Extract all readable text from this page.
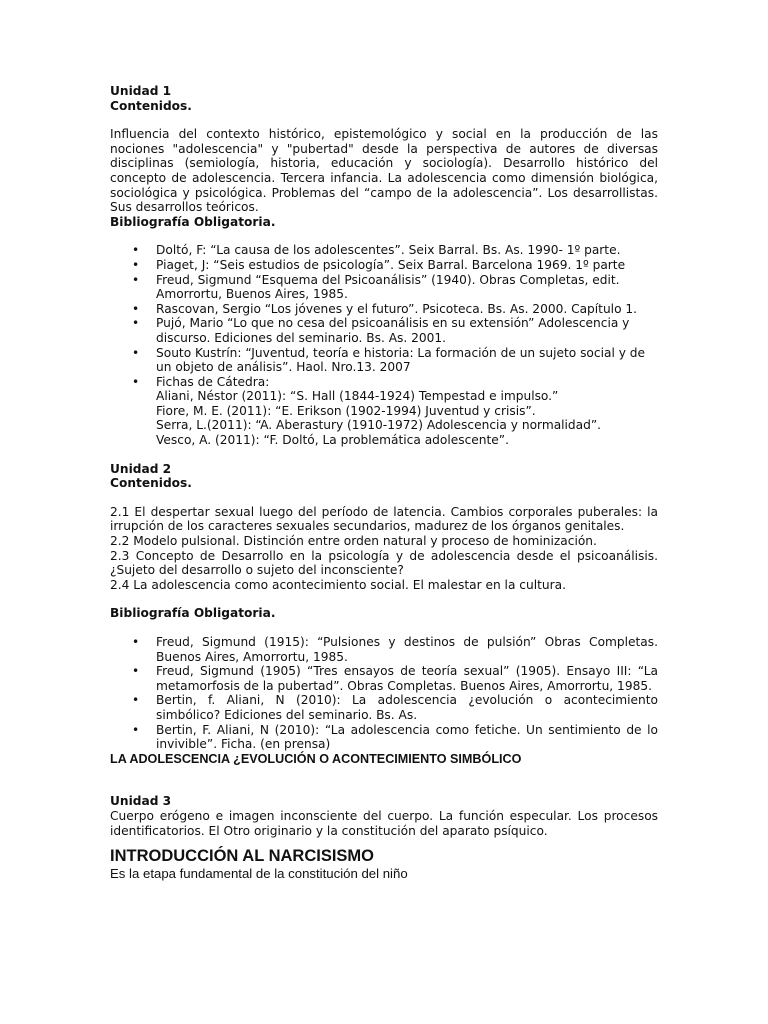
Unidad 1

Contenidos.

Influencia del contexto histórico, epistemológico y social en la producción de las nociones "adolescencia" y "pubertad" desde la perspectiva de autores de diversas disciplinas (semiología, historia, educación y sociología). Desarrollo histórico del concepto de adolescencia. Tercera infancia. La adolescencia como dimensión biológica, sociológica y psicológica. Problemas del “campo de la adolescencia”. Los desarrollistas. Sus desarrollos teóricos.

Bibliografía Obligatoria.

• Doltó, F: “La causa de los adolescentes”. Seix Barral. Bs. As. 1990- 1º parte.
• Piaget, J: “Seis estudios de psicología”. Seix Barral. Barcelona 1969. 1º parte
• Freud, Sigmund “Esquema del Psicoanálisis” (1940). Obras Completas, edit. Amorrortu, Buenos Aires, 1985.
• Rascovan, Sergio “Los jóvenes y el futuro”. Psicoteca. Bs. As. 2000. Capítulo 1.
• Pujó, Mario “Lo que no cesa del psicoanálisis en su extensión” Adolescencia y discurso. Ediciones del seminario. Bs. As. 2001.
• Souto Kustrín: “Juventud, teoría e historia: La formación de un sujeto social y de un objeto de análisis”. Haol. Nro.13. 2007
• Fichas de Cátedra:
Aliani, Néstor (2011): “S. Hall (1844-1924) Tempestad e impulso.”
Fiore, M. E. (2011): “E. Erikson (1902-1994) Juventud y crisis”.
Serra, L.(2011): “A. Aberastury (1910-1972) Adolescencia y normalidad”.
Vesco, A. (2011): “F. Doltó, La problemática adolescente”.

Unidad 2

Contenidos.

2.1 El despertar sexual luego del período de latencia. Cambios corporales puberales: la irrupción de los caracteres sexuales secundarios, madurez de los órganos genitales.

2.2 Modelo pulsional. Distinción entre orden natural y proceso de hominización.

2.3 Concepto de Desarrollo en la psicología y de adolescencia desde el psicoanálisis. ¿Sujeto del desarrollo o sujeto del inconsciente?

2.4 La adolescencia como acontecimiento social. El malestar en la cultura.

Bibliografía Obligatoria.

• Freud, Sigmund (1915): “Pulsiones y destinos de pulsión” Obras Completas. Buenos Aires, Amorrortu, 1985.
• Freud, Sigmund (1905) “Tres ensayos de teoría sexual” (1905). Ensayo III: “La metamorfosis de la pubertad”. Obras Completas. Buenos Aires, Amorrortu, 1985.
• Bertin, f. Aliani, N (2010): La adolescencia ¿evolución o acontecimiento simbólico? Ediciones del seminario. Bs. As.
• Bertin, F. Aliani, N (2010): “La adolescencia como fetiche. Un sentimiento de lo invivible”. Ficha. (en prensa)

LA ADOLESCENCIA ¿EVOLUCIÓN O ACONTECIMIENTO SIMBÓLICO

Unidad 3

Cuerpo erógeno e imagen inconsciente del cuerpo. La función especular. Los procesos identificatorios. El Otro originario y la constitución del aparato psíquico.

INTRODUCCIÓN AL NARCISISMO

Es la etapa fundamental de la constitución del niño
